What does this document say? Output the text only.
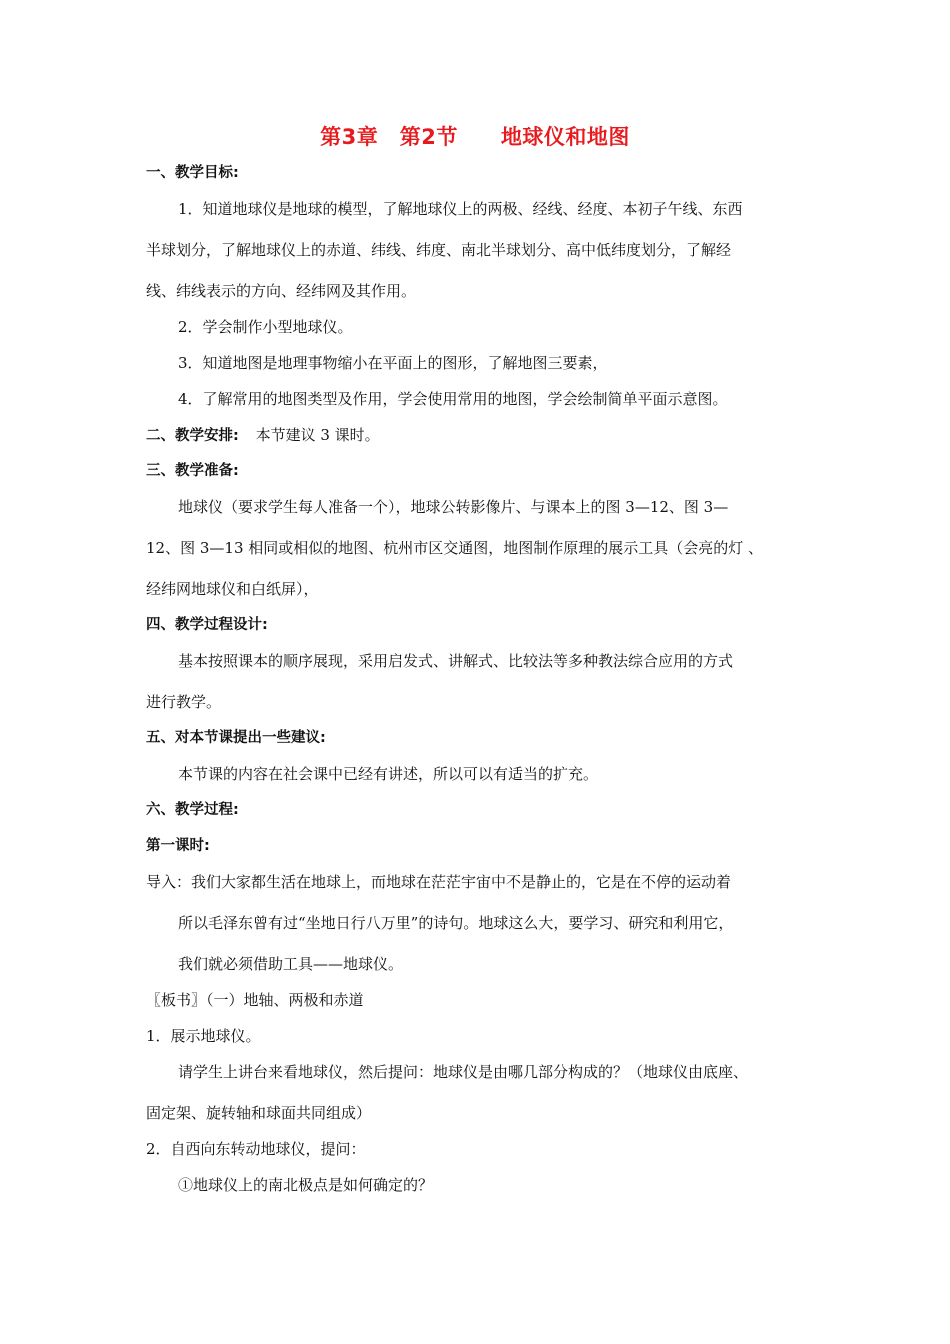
第3章　第2节　　地球仪和地图
一、教学目标:
1．知道地球仪是地球的模型，了解地球仪上的两极、经线、经度、本初子午线、东西
半球划分，了解地球仪上的赤道、纬线、纬度、南北半球划分、高中低纬度划分，了解经
线、纬线表示的方向、经纬网及其作用。
2．学会制作小型地球仪。
3．知道地图是地理事物缩小在平面上的图形，了解地图三要素，
4．了解常用的地图类型及作用，学会使用常用的地图，学会绘制简单平面示意图。
二、教学安排: 本节建议 3 课时。
三、教学准备:
地球仪（要求学生每人准备一个），地球公转影像片、与课本上的图 3—12、图 3—
12、图 3—13 相同或相似的地图、杭州市区交通图，地图制作原理的展示工具（会亮的灯 、
经纬网地球仪和白纸屏），
四、教学过程设计:
基本按照课本的顺序展现，采用启发式、讲解式、比较法等多种教法综合应用的方式
进行教学。
五、对本节课提出一些建议:
本节课的内容在社会课中已经有讲述，所以可以有适当的扩充。
六、教学过程:
第一课时:
导入：我们大家都生活在地球上，而地球在茫茫宇宙中不是静止的，它是在不停的运动着
所以毛泽东曾有过“坐地日行八万里”的诗句。地球这么大，要学习、研究和利用它，
我们就必须借助工具——地球仪。
〖板书〗（一）地轴、两极和赤道
1．展示地球仪。
请学生上讲台来看地球仪，然后提问：地球仪是由哪几部分构成的？（地球仪由底座、
固定架、旋转轴和球面共同组成）
2．自西向东转动地球仪，提问：
①地球仪上的南北极点是如何确定的？
